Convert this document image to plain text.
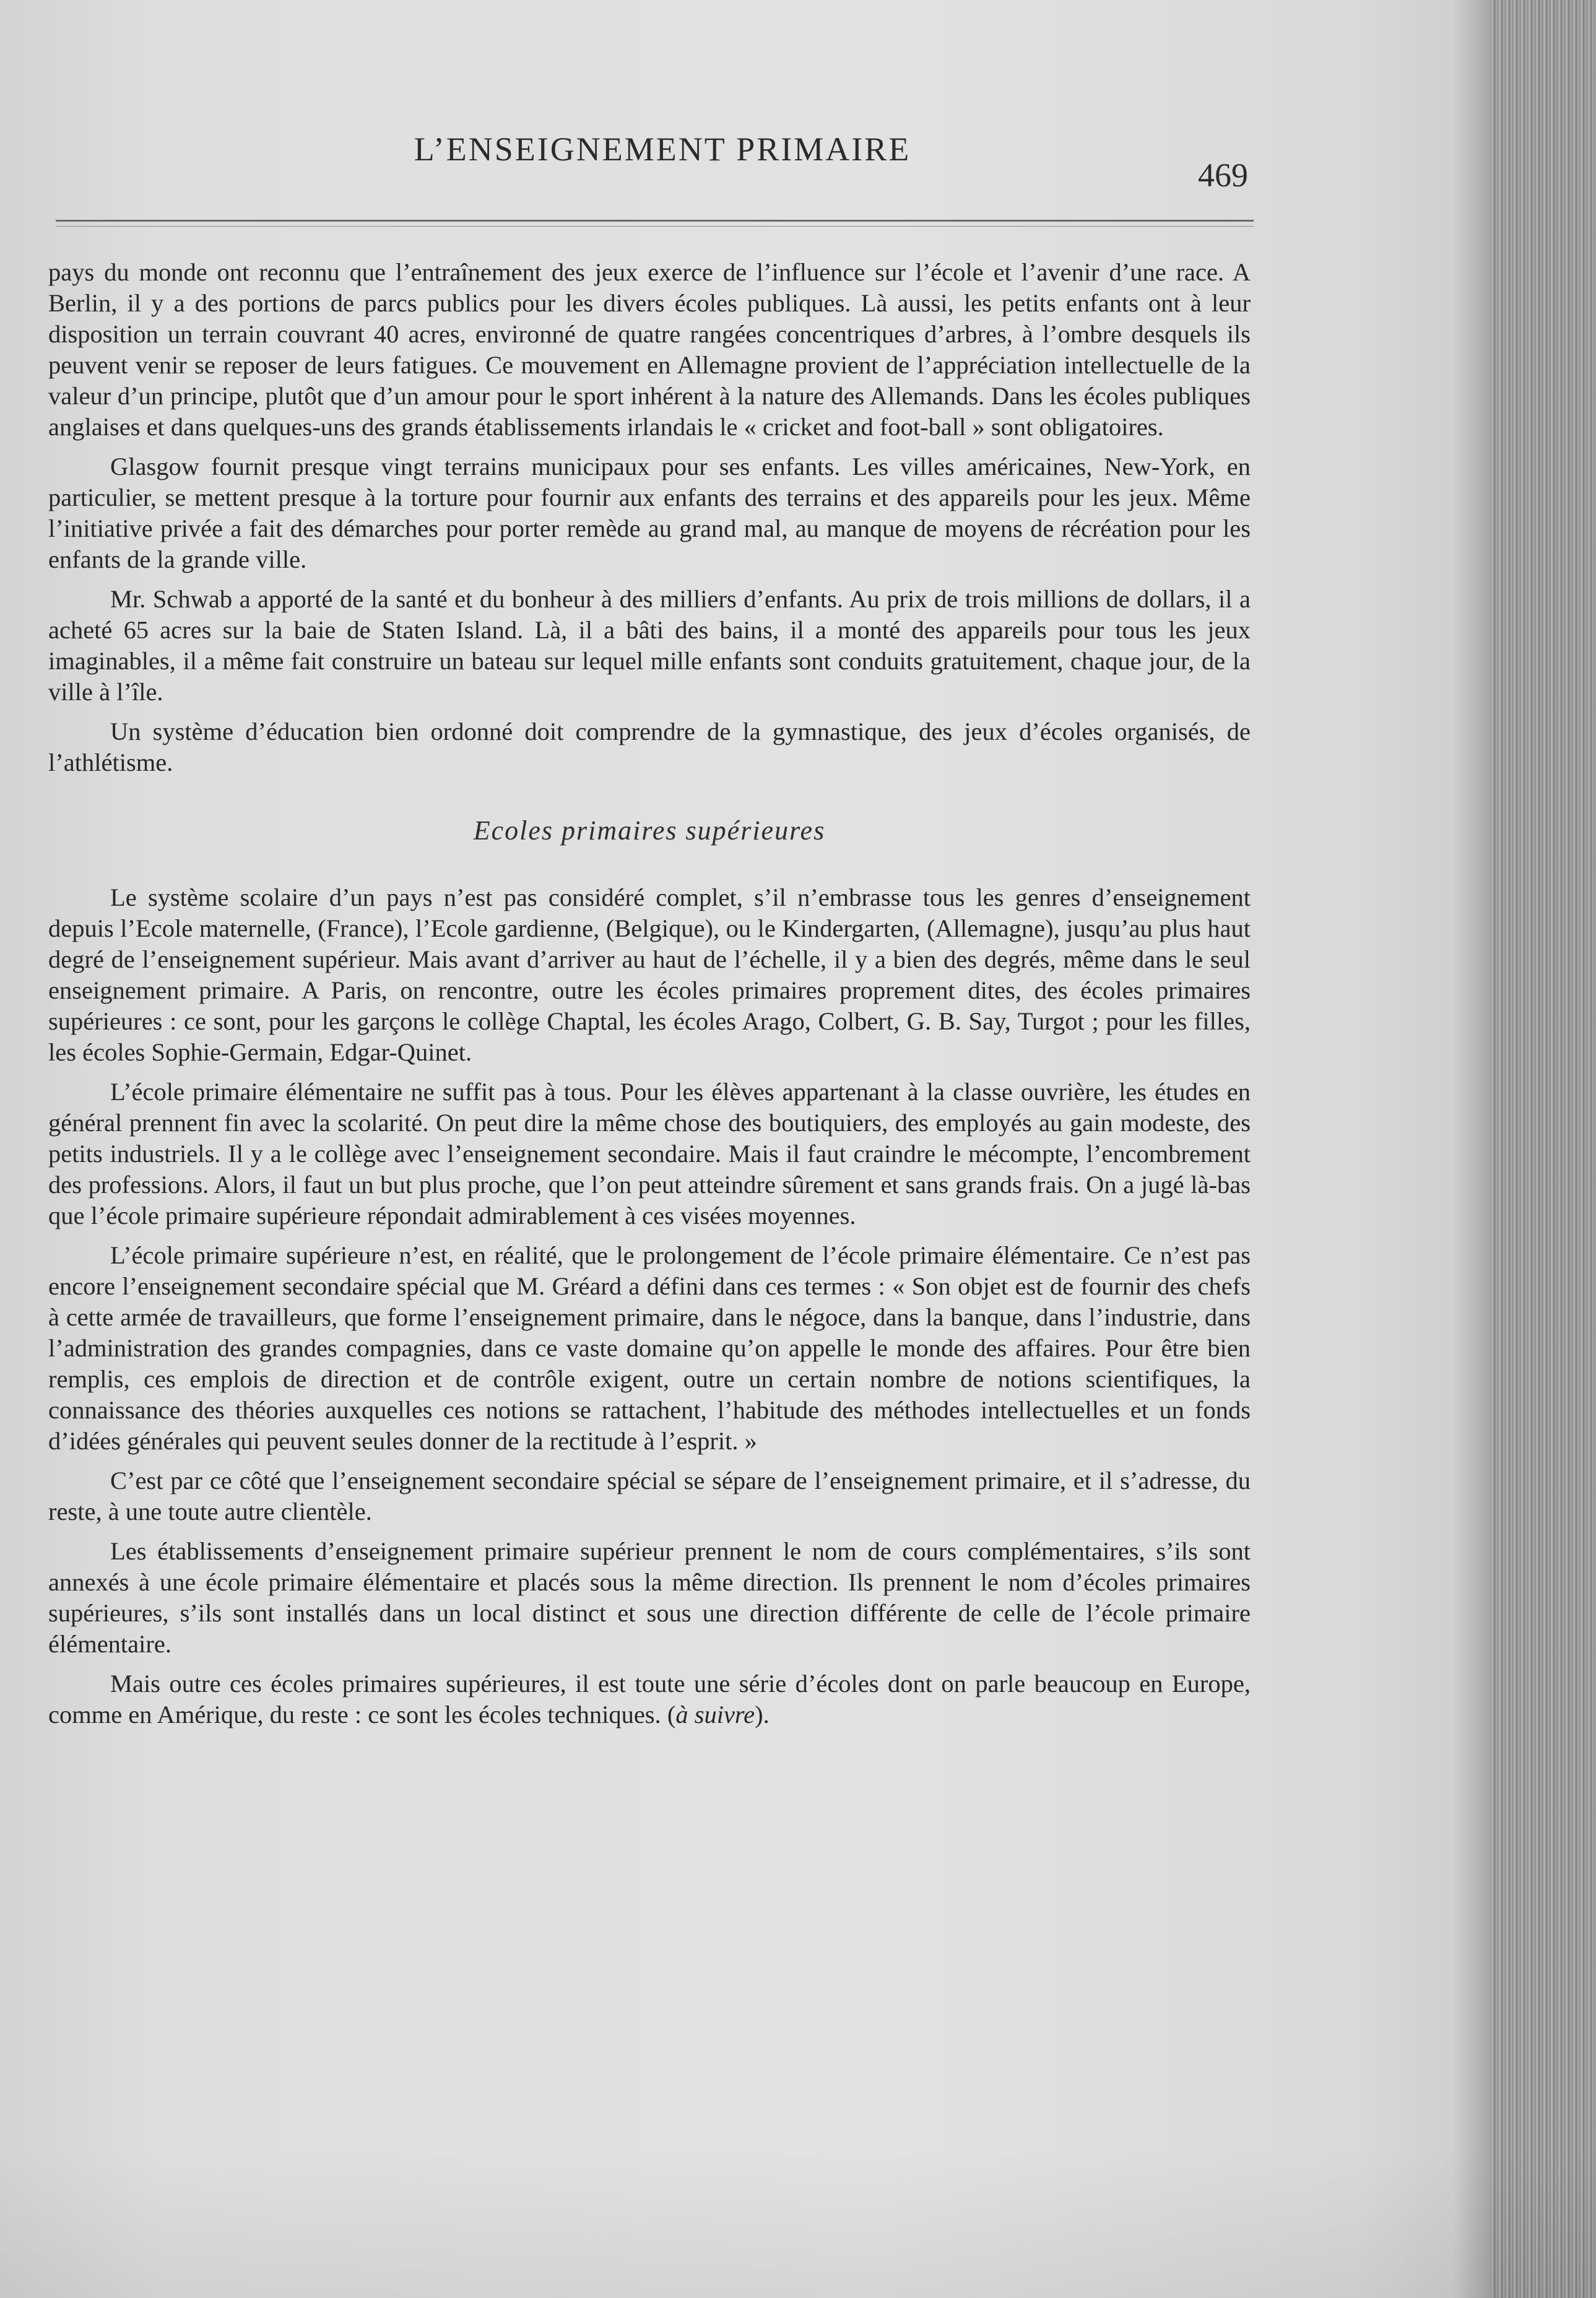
L’ENSEIGNEMENT PRIMAIRE
469

pays du monde ont reconnu que l’entraînement des jeux exerce de l’influence sur l’école et l’avenir d’une race. A Berlin, il y a des portions de parcs publics pour les divers écoles publiques. Là aussi, les petits enfants ont à leur disposition un terrain couvrant 40 acres, environné de quatre rangées concentriques d’arbres, à l’ombre desquels ils peuvent venir se reposer de leurs fatigues. Ce mouvement en Allemagne provient de l’appréciation intellectuelle de la valeur d’un principe, plutôt que d’un amour pour le sport inhérent à la nature des Allemands. Dans les écoles publiques anglaises et dans quelques-uns des grands établissements irlandais le « cricket and foot-ball » sont obligatoires.

Glasgow fournit presque vingt terrains municipaux pour ses enfants. Les villes américaines, New-York, en particulier, se mettent presque à la torture pour fournir aux enfants des terrains et des appareils pour les jeux. Même l’initiative privée a fait des démarches pour porter remède au grand mal, au manque de moyens de récréation pour les enfants de la grande ville.

Mr. Schwab a apporté de la santé et du bonheur à des milliers d’enfants. Au prix de trois millions de dollars, il a acheté 65 acres sur la baie de Staten Island. Là, il a bâti des bains, il a monté des appareils pour tous les jeux imaginables, il a même fait construire un bateau sur lequel mille enfants sont conduits gratuitement, chaque jour, de la ville à l’île.

Un système d’éducation bien ordonné doit comprendre de la gymnastique, des jeux d’écoles organisés, de l’athlétisme.

Ecoles primaires supérieures

Le système scolaire d’un pays n’est pas considéré complet, s’il n’embrasse tous les genres d’enseignement depuis l’Ecole maternelle, (France), l’Ecole gardienne, (Belgique), ou le Kindergarten, (Allemagne), jusqu’au plus haut degré de l’enseignement supérieur. Mais avant d’arriver au haut de l’échelle, il y a bien des degrés, même dans le seul enseignement primaire. A Paris, on rencontre, outre les écoles primaires proprement dites, des écoles primaires supérieures : ce sont, pour les garçons le collège Chaptal, les écoles Arago, Colbert, G. B. Say, Turgot ; pour les filles, les écoles Sophie-Germain, Edgar-Quinet.

L’école primaire élémentaire ne suffit pas à tous. Pour les élèves appartenant à la classe ouvrière, les études en général prennent fin avec la scolarité. On peut dire la même chose des boutiquiers, des employés au gain modeste, des petits industriels. Il y a le collège avec l’enseignement secondaire. Mais il faut craindre le mécompte, l’encombrement des professions. Alors, il faut un but plus proche, que l’on peut atteindre sûrement et sans grands frais. On a jugé là-bas que l’école primaire supérieure répondait admirablement à ces visées moyennes.

L’école primaire supérieure n’est, en réalité, que le prolongement de l’école primaire élémentaire. Ce n’est pas encore l’enseignement secondaire spécial que M. Gréard a défini dans ces termes : « Son objet est de fournir des chefs à cette armée de travailleurs, que forme l’enseignement primaire, dans le négoce, dans la banque, dans l’industrie, dans l’administration des grandes compagnies, dans ce vaste domaine qu’on appelle le monde des affaires. Pour être bien remplis, ces emplois de direction et de contrôle exigent, outre un certain nombre de notions scientifiques, la connaissance des théories auxquelles ces notions se rattachent, l’habitude des méthodes intellectuelles et un fonds d’idées générales qui peuvent seules donner de la rectitude à l’esprit. »

C’est par ce côté que l’enseignement secondaire spécial se sépare de l’enseignement primaire, et il s’adresse, du reste, à une toute autre clientèle.

Les établissements d’enseignement primaire supérieur prennent le nom de cours complémentaires, s’ils sont annexés à une école primaire élémentaire et placés sous la même direction. Ils prennent le nom d’écoles primaires supérieures, s’ils sont installés dans un local distinct et sous une direction différente de celle de l’école primaire élémentaire.

Mais outre ces écoles primaires supérieures, il est toute une série d’écoles dont on parle beaucoup en Europe, comme en Amérique, du reste : ce sont les écoles techniques. (à suivre).
